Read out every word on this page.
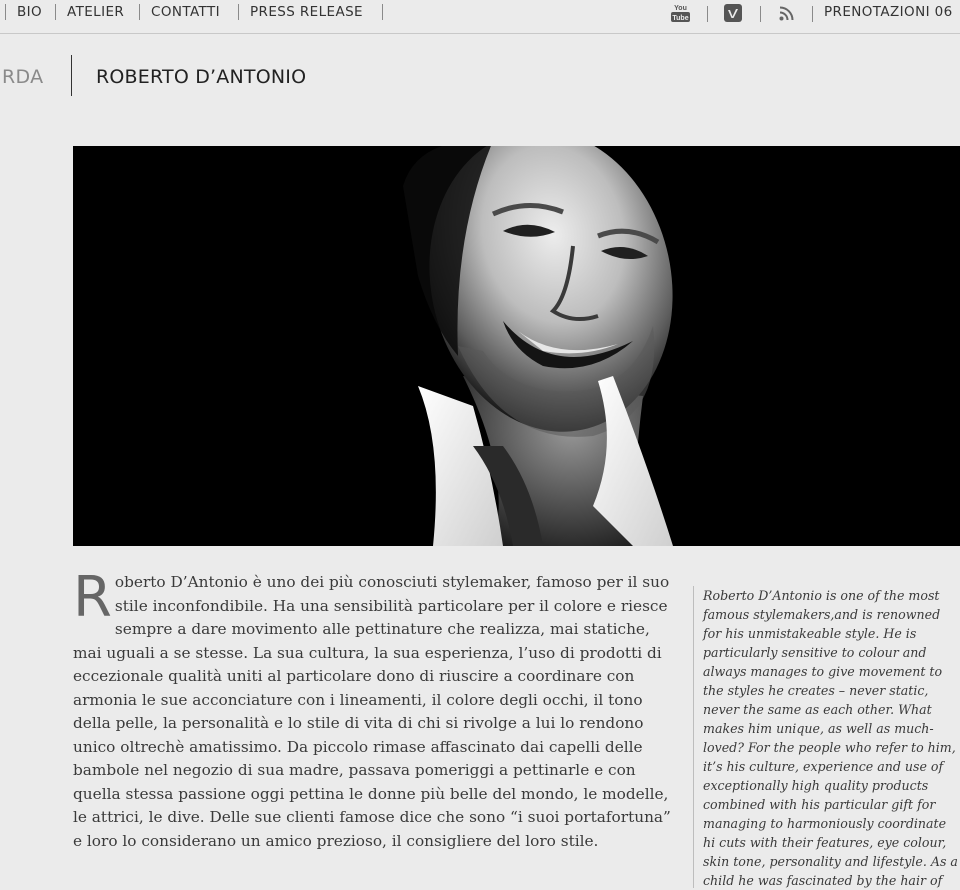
BIO ATELIER CONTATTI PRESS RELEASE	You
Tube	PRENOTAZIONI 06
RDA	ROBERTO D’ANTONIO
Roberto D’Antonio è uno dei più conosciuti stylemaker, famoso per il suo stile inconfondibile. Ha una sensibilità particolare per il colore e riesce sempre a dare movimento alle pettinature che realizza, mai statiche, mai uguali a se stesse. La sua cultura, la sua esperienza, l’uso di prodotti di eccezionale qualità uniti al particolare dono di riuscire a coordinare con armonia le sue acconciature con i lineamenti, il colore degli occhi, il tono della pelle, la personalità e lo stile di vita di chi si rivolge a lui lo rendono unico oltrechè amatissimo. Da piccolo rimase affascinato dai capelli delle bambole nel negozio di sua madre, passava pomeriggi a pettinarle e con quella stessa passione oggi pettina le donne più belle del mondo, le modelle, le attrici, le dive. Delle sue clienti famose dice che sono “i suoi portafortuna” e loro lo considerano un amico prezioso, il consigliere del loro stile.
Roberto D’Antonio is one of the most famous stylemakers,and is renowned for his unmistakeable style. He is particularly sensitive to colour and always manages to give movement to the styles he creates – never static, never the same as each other. What makes him unique, as well as much-loved? For the people who refer to him, it’s his culture, experience and use of exceptionally high quality products combined with his particular gift for managing to harmoniously coordinate hi cuts with their features, eye colour, skin tone, personality and lifestyle. As a child he was fascinated by the hair of
